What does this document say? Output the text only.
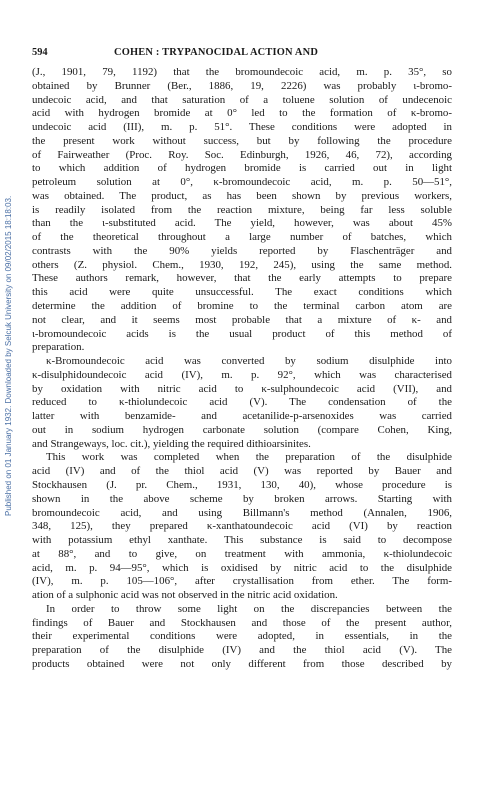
Published on 01 January 1932. Downloaded by Selcuk University on 09/02/2015 18:18:03.
594	COHEN : TRYPANOCIDAL ACTION AND
(J., 1901, 79, 1192) that the bromoundecoic acid, m. p. 35°, so
obtained by Brunner (Ber., 1886, 19, 2226) was probably ι-bromo-
undecoic acid, and that saturation of a toluene solution of undecenoic
acid with hydrogen bromide at 0° led to the formation of κ-bromo-
undecoic acid (III), m. p. 51°. These conditions were adopted in
the present work without success, but by following the procedure
of Fairweather (Proc. Roy. Soc. Edinburgh, 1926, 46, 72), according
to which addition of hydrogen bromide is carried out in light
petroleum solution at 0°, κ-bromoundecoic acid, m. p. 50—51°,
was obtained. The product, as has been shown by previous workers,
is readily isolated from the reaction mixture, being far less soluble
than the ι-substituted acid. The yield, however, was about 45%
of the theoretical throughout a large number of batches, which
contrasts with the 90% yields reported by Flaschenträger and
others (Z. physiol. Chem., 1930, 192, 245), using the same method.
These authors remark, however, that the early attempts to prepare
this acid were quite unsuccessful. The exact conditions which
determine the addition of bromine to the terminal carbon atom are
not clear, and it seems most probable that a mixture of κ- and
ι-bromoundecoic acids is the usual product of this method of
preparation.
κ-Bromoundecoic acid was converted by sodium disulphide into
κ-disulphidoundecoic acid (IV), m. p. 92°, which was characterised
by oxidation with nitric acid to κ-sulphoundecoic acid (VII), and
reduced to κ-thiolundecoic acid (V). The condensation of the
latter with benzamide- and acetanilide-p-arsenoxides was carried
out in sodium hydrogen carbonate solution (compare Cohen, King,
and Strangeways, loc. cit.), yielding the required dithioarsinites.
This work was completed when the preparation of the disulphide
acid (IV) and of the thiol acid (V) was reported by Bauer and
Stockhausen (J. pr. Chem., 1931, 130, 40), whose procedure is
shown in the above scheme by broken arrows. Starting with
bromoundecoic acid, and using Billmann's method (Annalen, 1906,
348, 125), they prepared κ-xanthatoundecoic acid (VI) by reaction
with potassium ethyl xanthate. This substance is said to decompose
at 88°, and to give, on treatment with ammonia, κ-thiolundecoic
acid, m. p. 94—95°, which is oxidised by nitric acid to the disulphide
(IV), m. p. 105—106°, after crystallisation from ether. The form-
ation of a sulphonic acid was not observed in the nitric acid oxidation.
In order to throw some light on the discrepancies between the
findings of Bauer and Stockhausen and those of the present author,
their experimental conditions were adopted, in essentials, in the
preparation of the disulphide (IV) and the thiol acid (V). The
products obtained were not only different from those described by
